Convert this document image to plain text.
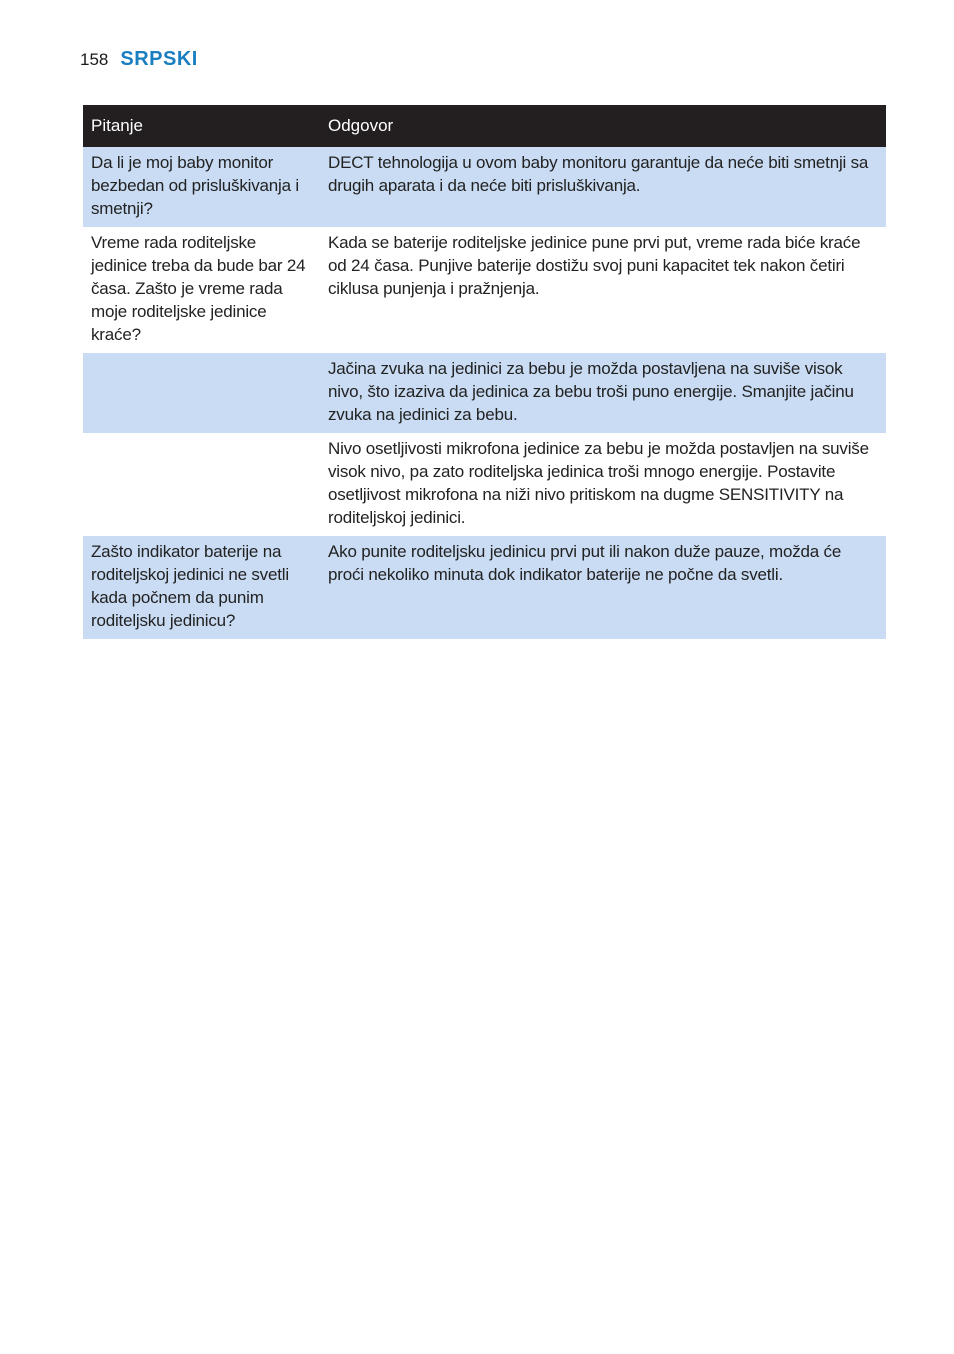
158 SRPSKI
Pitanje	Odgovor
Da li je moj baby monitor bezbedan od prisluškivanja i smetnji?	DECT tehnologija u ovom baby monitoru garantuje da neće biti smetnji sa drugih aparata i da neće biti prisluškivanja.
Vreme rada roditeljske jedinice treba da bude bar 24 časa. Zašto je vreme rada moje roditeljske jedinice kraće?	Kada se baterije roditeljske jedinice pune prvi put, vreme rada biće kraće od 24 časa. Punjive baterije dostižu svoj puni kapacitet tek nakon četiri ciklusa punjenja i pražnjenja.
	Jačina zvuka na jedinici za bebu je možda postavljena na suviše visok nivo, što izaziva da jedinica za bebu troši puno energije. Smanjite jačinu zvuka na jedinici za bebu.
	Nivo osetljivosti mikrofona jedinice za bebu je možda postavljen na suviše visok nivo, pa zato roditeljska jedinica troši mnogo energije. Postavite osetljivost mikrofona na niži nivo pritiskom na dugme SENSITIVITY na roditeljskoj jedinici.
Zašto indikator baterije na roditeljskoj jedinici ne svetli kada počnem da punim roditeljsku jedinicu?	Ako punite roditeljsku jedinicu prvi put ili nakon duže pauze, možda će proći nekoliko minuta dok indikator baterije ne počne da svetli.
